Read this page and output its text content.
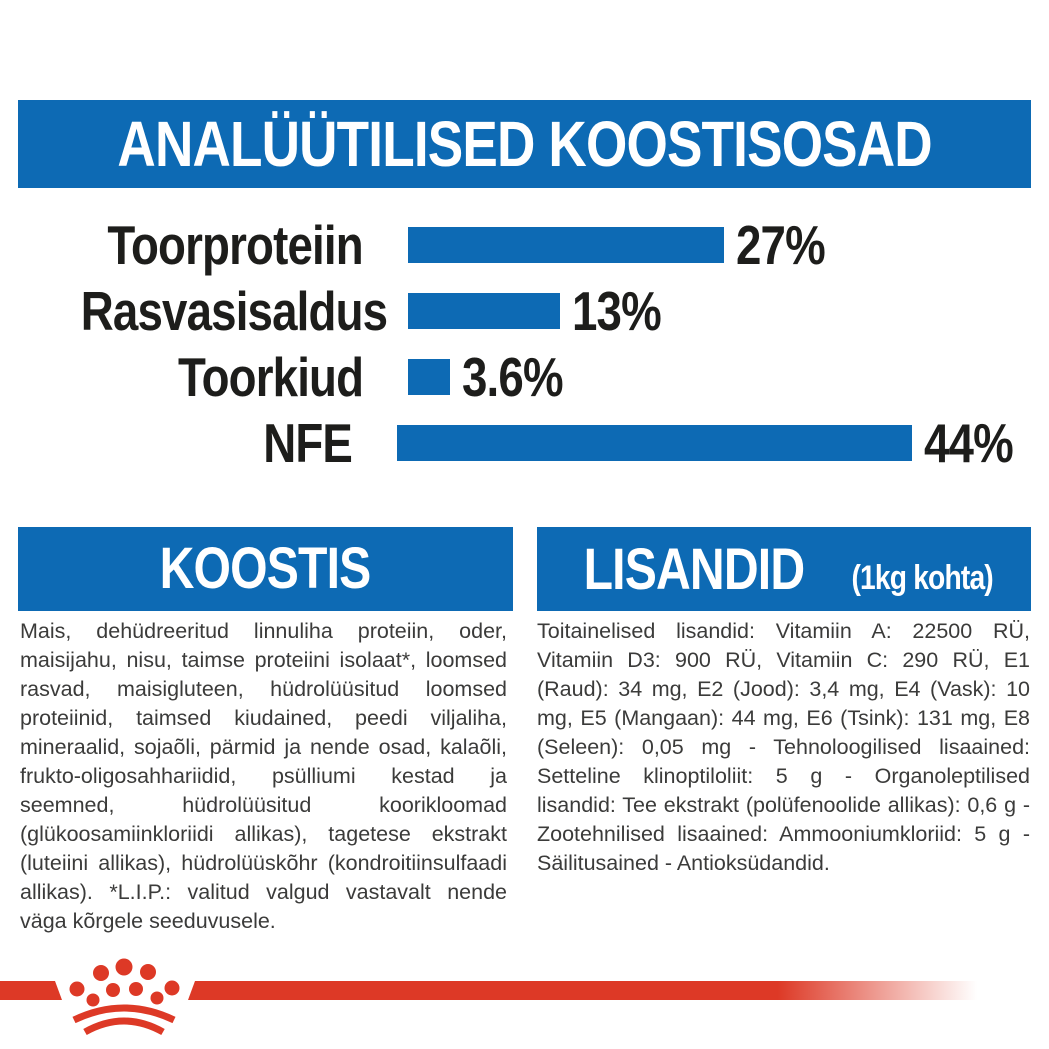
ANALÜÜTILISED KOOSTISOSAD
Toorproteiin	27%
Rasvasisaldus	13%
Toorkiud 3.6%
NFE	44%
KOOSTIS	LISANDID	(1kg kohta)
Mais, dehüdreeritud linnuliha proteiin, oder, maisijahu, nisu, taimse proteiini isolaat*, loomsed rasvad, maisigluteen, hüdrolüüsitud loomsed proteiinid, taimsed kiudained, peedi viljaliha, mineraalid, sojaõli, pärmid ja nende osad, kalaõli, frukto-oligosahhariidid, psülliumi kestad ja seemned, hüdrolüüsitud koorikloomad (glükoosamiinkloriidi allikas), tagetese ekstrakt (luteiini allikas), hüdrolüüskõhr (kondroitiinsulfaadi allikas). *L.I.P.: valitud valgud vastavalt nende väga kõrgele seeduvusele.
Toitainelised lisandid: Vitamiin A: 22500 RÜ, Vitamiin D3: 900 RÜ, Vitamiin C: 290 RÜ, E1 (Raud): 34 mg, E2 (Jood): 3,4 mg, E4 (Vask): 10 mg, E5 (Mangaan): 44 mg, E6 (Tsink): 131 mg, E8 (Seleen): 0,05 mg - Tehnoloogilised lisaained: Setteline klinoptiloliit: 5 g - Organoleptilised lisandid: Tee ekstrakt (polüfenoolide allikas): 0,6 g - Zootehnilised lisaained: Ammooniumkloriid: 5 g - Säilitusained - Antioksüdandid.
